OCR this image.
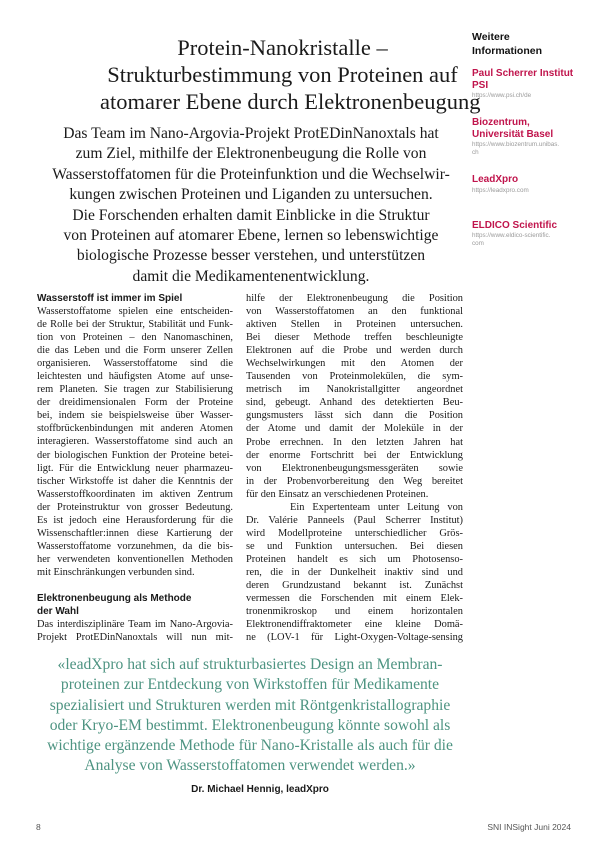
Protein-Nanokristalle –
Strukturbestimmung von Proteinen auf
atomarer Ebene durch Elektronenbeugung
Das Team im Nano-Argovia-Projekt ProtEDinNanoxtals hat
zum Ziel, mithilfe der Elektronenbeugung die Rolle von
Wasserstoffatomen für die Proteinfunktion und die Wechselwir-
kungen zwischen Proteinen und Liganden zu untersuchen.
Die Forschenden erhalten damit Einblicke in die Struktur
von Proteinen auf atomarer Ebene, lernen so lebenswichtige
biologische Prozesse besser verstehen, und unterstützen
damit die Medikamentenentwicklung.
Weitere
Informationen
Paul Scherrer Institut
PSI
https://www.psi.ch/de
Biozentrum,
Universität Basel
https://www.biozentrum.unibas.
ch
LeadXpro
https://leadxpro.com
ELDICO Scientific
https://www.eldico-scientific.
com
Wasserstoff ist immer im Spiel
Wasserstoffatome spielen eine entscheiden-
de Rolle bei der Struktur, Stabilität und Funk-
tion von Proteinen – den Nanomaschinen,
die das Leben und die Form unserer Zellen
organisieren. Wasserstoffatome sind die
leichtesten und häufigsten Atome auf unse-
rem Planeten. Sie tragen zur Stabilisierung
der dreidimensionalen Form der Proteine
bei, indem sie beispielsweise über Wasser-
stoffbrückenbindungen mit anderen Atomen
interagieren. Wasserstoffatome sind auch an
der biologischen Funktion der Proteine betei-
ligt. Für die Entwicklung neuer pharmazeu-
tischer Wirkstoffe ist daher die Kenntnis der
Wasserstoffkoordinaten im aktiven Zentrum
der Proteinstruktur von grosser Bedeutung.
Es ist jedoch eine Herausforderung für die
Wissenschaftler:innen diese Kartierung der
Wasserstoffatome vorzunehmen, da die bis-
her verwendeten konventionellen Methoden
mit Einschränkungen verbunden sind.
Elektronenbeugung als Methode
der Wahl
Das interdisziplinäre Team im Nano-Argovia-
Projekt ProtEDinNanoxtals will nun mit-
hilfe der Elektronenbeugung die Position
von Wasserstoffatomen an den funktional
aktiven Stellen in Proteinen untersuchen.
Bei dieser Methode treffen beschleunigte
Elektronen auf die Probe und werden durch
Wechselwirkungen mit den Atomen der
Tausenden von Proteinmolekülen, die sym-
metrisch im Nanokristallgitter angeordnet
sind, gebeugt. Anhand des detektierten Beu-
gungsmusters lässt sich dann die Position
der Atome und damit der Moleküle in der
Probe errechnen. In den letzten Jahren hat
der enorme Fortschritt bei der Entwicklung
von Elektronenbeugungsmessgeräten sowie
in der Probenvorbereitung den Weg bereitet
für den Einsatz an verschiedenen Proteinen.
Ein Expertenteam unter Leitung von
Dr. Valérie Panneels (Paul Scherrer Institut)
wird Modellproteine unterschiedlicher Grös-
se und Funktion untersuchen. Bei diesen
Proteinen handelt es sich um Photosenso-
ren, die in der Dunkelheit inaktiv sind und
deren Grundzustand bekannt ist. Zunächst
vermessen die Forschenden mit einem Elek-
tronenmikroskop und einem horizontalen
Elektronendiffraktometer eine kleine Domä-
ne (LOV-1 für Light-Oxygen-Voltage-sensing
«leadXpro hat sich auf strukturbasiertes Design an Membran-
proteinen zur Entdeckung von Wirkstoffen für Medikamente
spezialisiert und Strukturen werden mit Röntgenkristallographie
oder Kryo-EM bestimmt. Elektronenbeugung könnte sowohl als
wichtige ergänzende Methode für Nano-Kristalle als auch für die
Analyse von Wasserstoffatomen verwendet werden.»
Dr. Michael Hennig, leadXpro
8	SNI INSight Juni 2024
